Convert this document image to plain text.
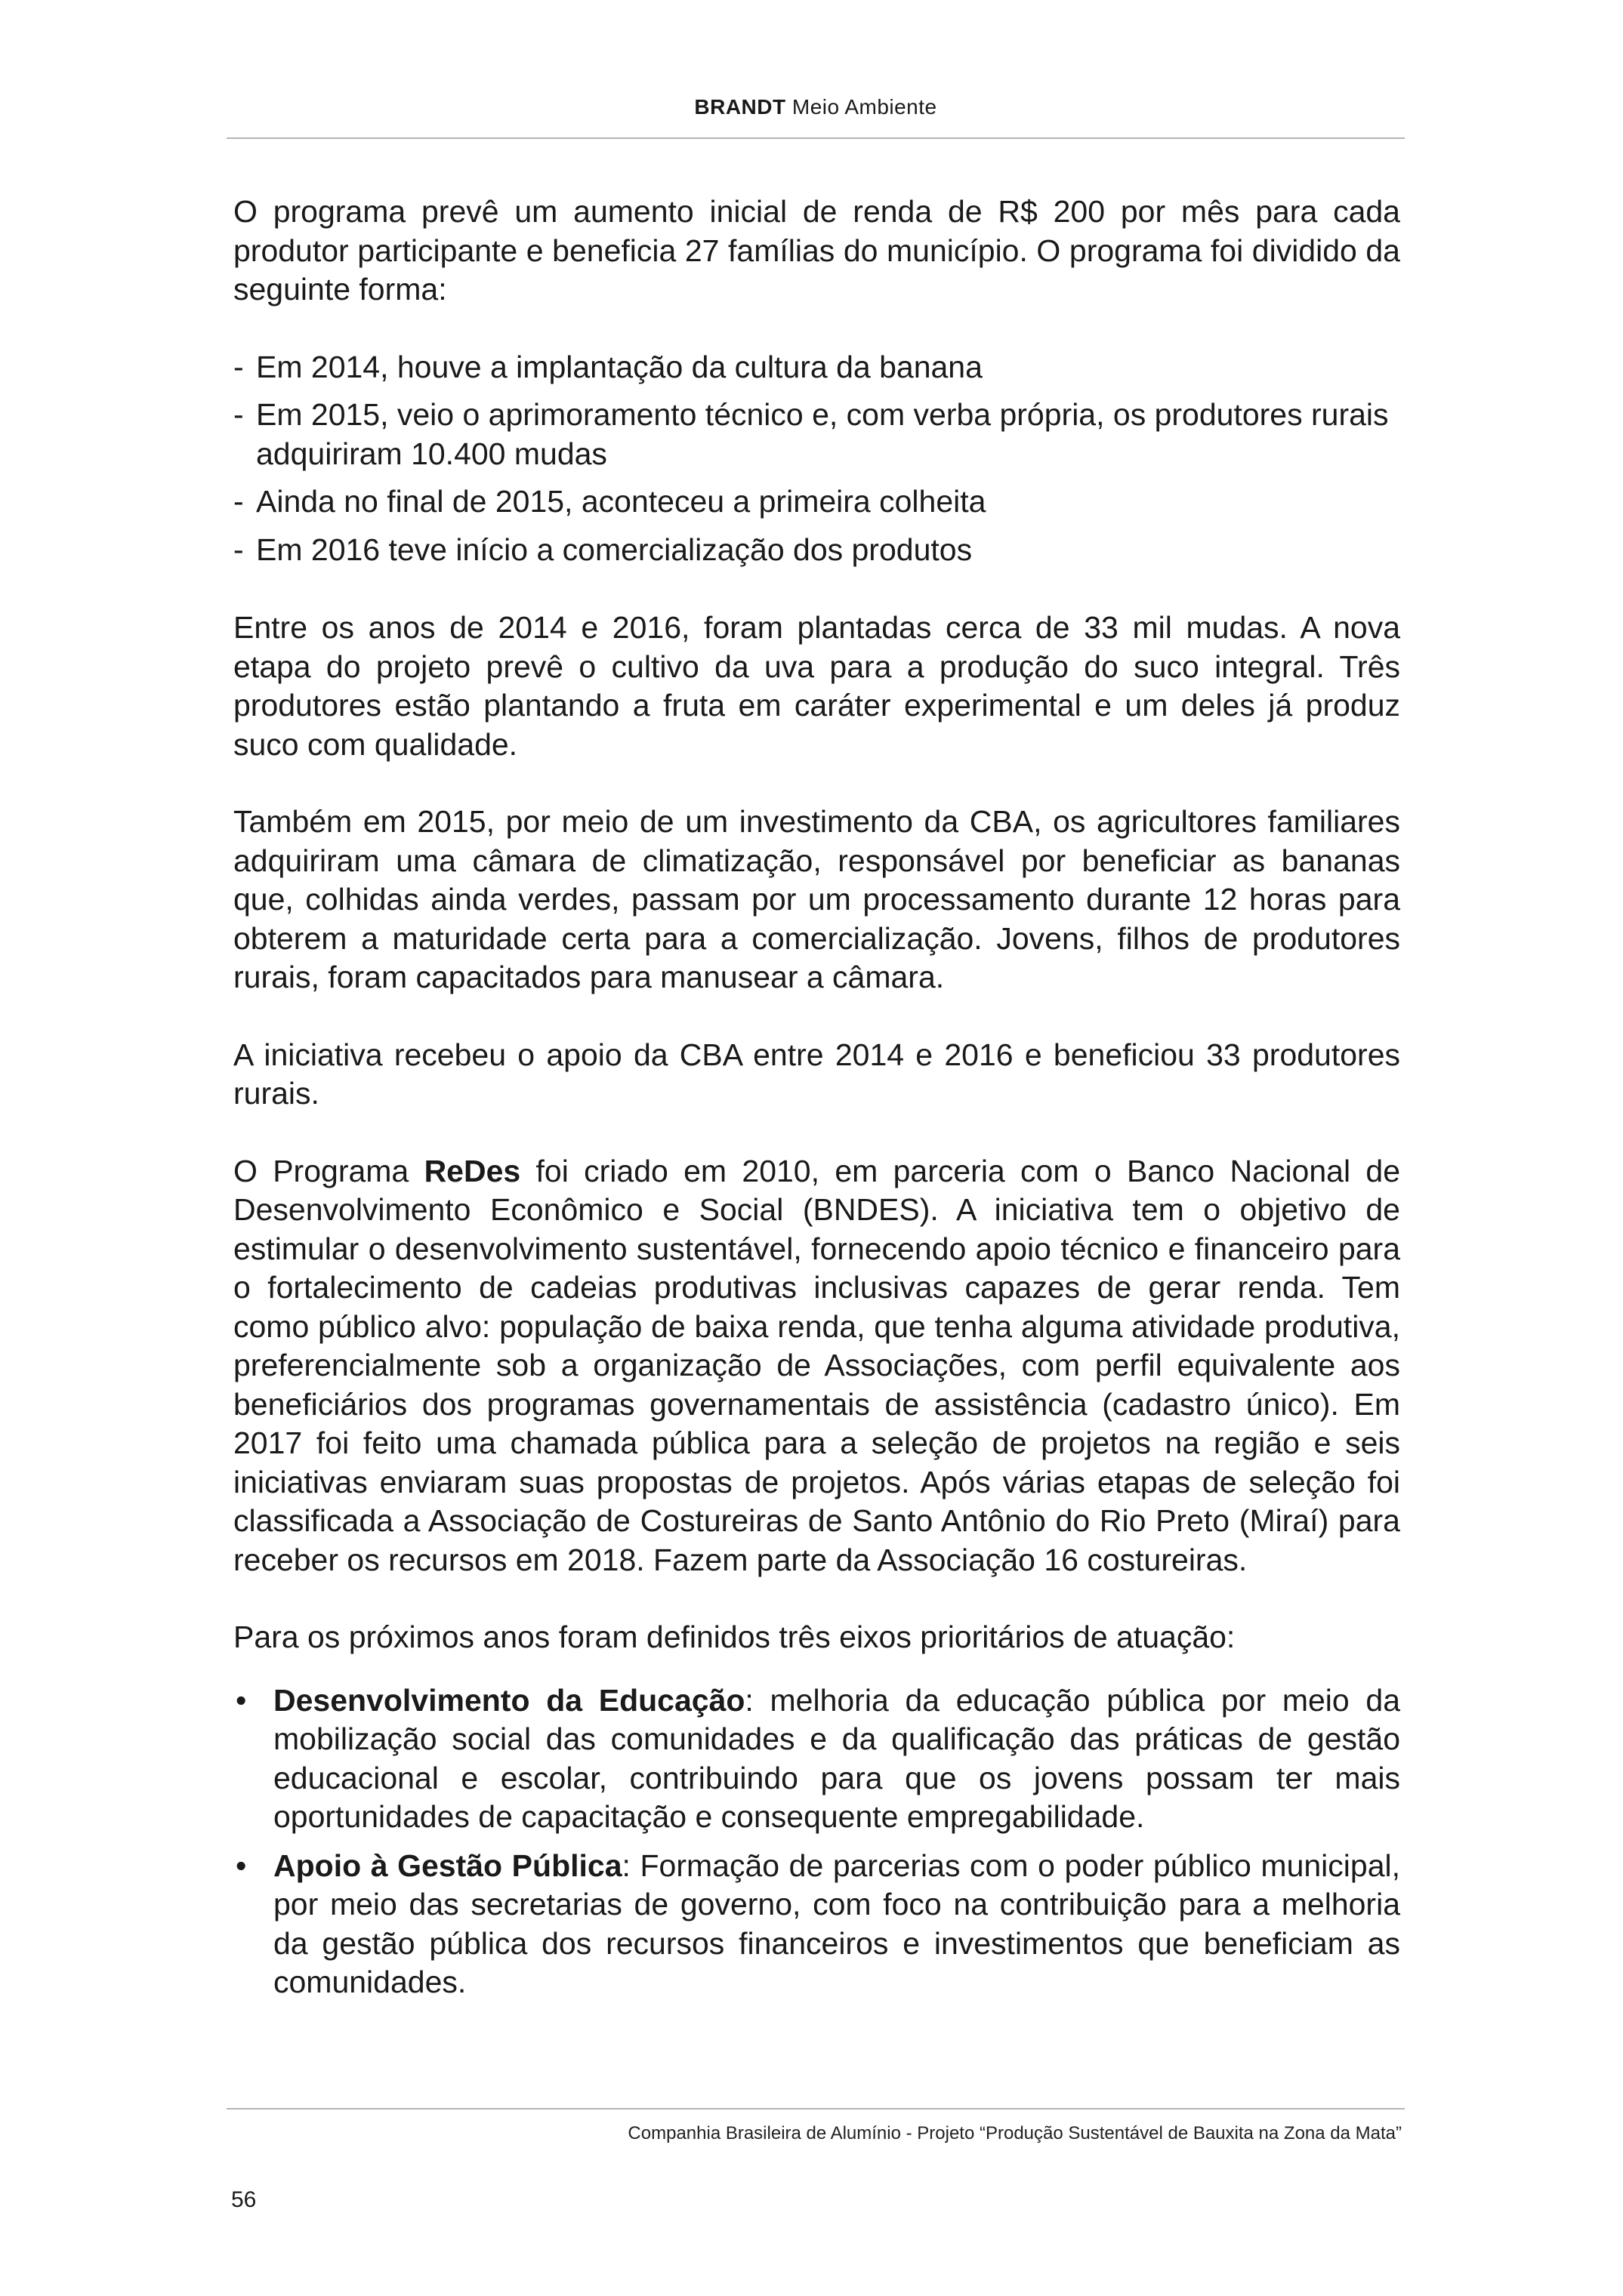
BRANDT Meio Ambiente

O programa prevê um aumento inicial de renda de R$ 200 por mês para cada produtor participante e beneficia 27 famílias do município. O programa foi dividido da seguinte forma:

- Em 2014, houve a implantação da cultura da banana
- Em 2015, veio o aprimoramento técnico e, com verba própria, os produtores rurais adquiriram 10.400 mudas
- Ainda no final de 2015, aconteceu a primeira colheita
- Em 2016 teve início a comercialização dos produtos

Entre os anos de 2014 e 2016, foram plantadas cerca de 33 mil mudas. A nova etapa do projeto prevê o cultivo da uva para a produção do suco integral. Três produtores estão plantando a fruta em caráter experimental e um deles já produz suco com qualidade.

Também em 2015, por meio de um investimento da CBA, os agricultores familiares adquiriram uma câmara de climatização, responsável por beneficiar as bananas que, colhidas ainda verdes, passam por um processamento durante 12 horas para obterem a maturidade certa para a comercialização. Jovens, filhos de produtores rurais, foram capacitados para manusear a câmara.

A iniciativa recebeu o apoio da CBA entre 2014 e 2016 e beneficiou 33 produtores rurais.

O Programa ReDes foi criado em 2010, em parceria com o Banco Nacional de Desenvolvimento Econômico e Social (BNDES). A iniciativa tem o objetivo de estimular o desenvolvimento sustentável, fornecendo apoio técnico e financeiro para o fortalecimento de cadeias produtivas inclusivas capazes de gerar renda. Tem como público alvo: população de baixa renda, que tenha alguma atividade produtiva, preferencialmente sob a organização de Associações, com perfil equivalente aos beneficiários dos programas governamentais de assistência (cadastro único). Em 2017 foi feito uma chamada pública para a seleção de projetos na região e seis iniciativas enviaram suas propostas de projetos. Após várias etapas de seleção foi classificada a Associação de Costureiras de Santo Antônio do Rio Preto (Miraí) para receber os recursos em 2018. Fazem parte da Associação 16 costureiras.

Para os próximos anos foram definidos três eixos prioritários de atuação:

• Desenvolvimento da Educação: melhoria da educação pública por meio da mobilização social das comunidades e da qualificação das práticas de gestão educacional e escolar, contribuindo para que os jovens possam ter mais oportunidades de capacitação e consequente empregabilidade.
• Apoio à Gestão Pública: Formação de parcerias com o poder público municipal, por meio das secretarias de governo, com foco na contribuição para a melhoria da gestão pública dos recursos financeiros e investimentos que beneficiam as comunidades.
Companhia Brasileira de Alumínio - Projeto “Produção Sustentável de Bauxita na Zona da Mata”
56
